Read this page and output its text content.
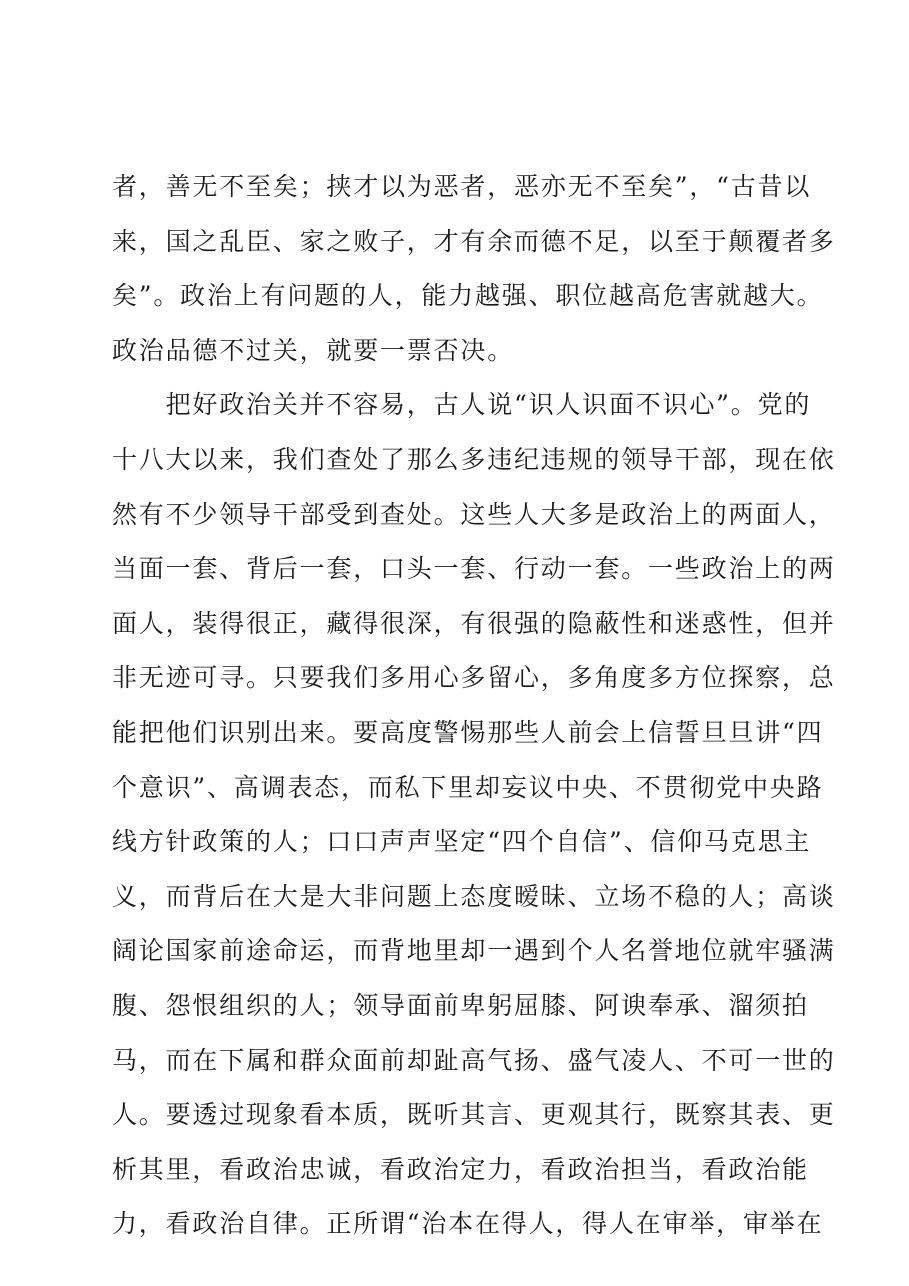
者，善无不至矣；挟才以为恶者，恶亦无不至矣”，“古昔以
来，国之乱臣、家之败子，才有余而德不足，以至于颠覆者多
矣”。政治上有问题的人，能力越强、职位越高危害就越大。
政治品德不过关，就要一票否决。
　　把好政治关并不容易，古人说“识人识面不识心”。党的
十八大以来，我们查处了那么多违纪违规的领导干部，现在依
然有不少领导干部受到查处。这些人大多是政治上的两面人，
当面一套、背后一套，口头一套、行动一套。一些政治上的两
面人，装得很正，藏得很深，有很强的隐蔽性和迷惑性，但并
非无迹可寻。只要我们多用心多留心，多角度多方位探察，总
能把他们识别出来。要高度警惕那些人前会上信誓旦旦讲“四
个意识”、高调表态，而私下里却妄议中央、不贯彻党中央路
线方针政策的人；口口声声坚定“四个自信”、信仰马克思主
义，而背后在大是大非问题上态度暧昧、立场不稳的人；高谈
阔论国家前途命运，而背地里却一遇到个人名誉地位就牢骚满
腹、怨恨组织的人；领导面前卑躬屈膝、阿谀奉承、溜须拍
马，而在下属和群众面前却趾高气扬、盛气凌人、不可一世的
人。要透过现象看本质，既听其言、更观其行，既察其表、更
析其里，看政治忠诚，看政治定力，看政治担当，看政治能
力，看政治自律。正所谓“治本在得人，得人在审举，审举在
